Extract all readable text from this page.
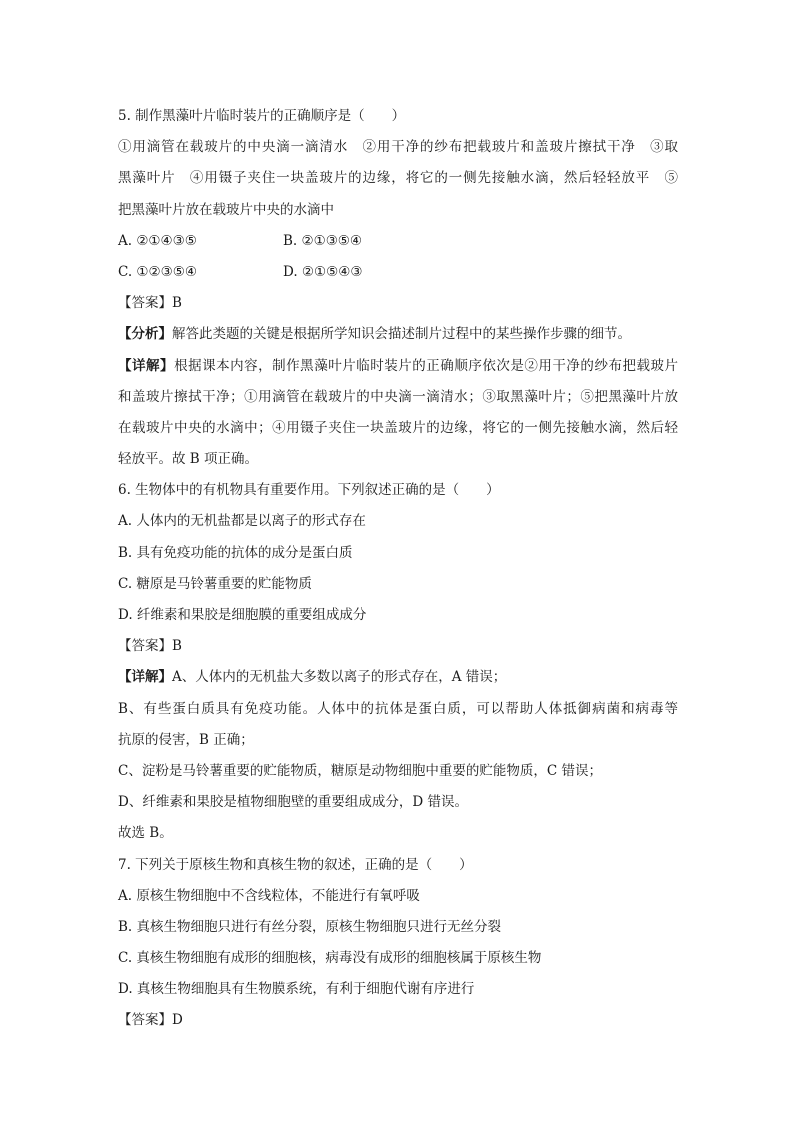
5. 制作黑藻叶片临时装片的正确顺序是（　　）
①用滴管在载玻片的中央滴一滴清水　②用干净的纱布把载玻片和盖玻片擦拭干净　③取
黑藻叶片　④用镊子夹住一块盖玻片的边缘，将它的一侧先接触水滴，然后轻轻放平　⑤
把黑藻叶片放在载玻片中央的水滴中
A. ②①④③⑤	B. ②①③⑤④
C. ①②③⑤④	D. ②①⑤④③
【答案】B
【分析】解答此类题的关键是根据所学知识会描述制片过程中的某些操作步骤的细节。
【详解】根据课本内容，制作黑藻叶片临时装片的正确顺序依次是②用干净的纱布把载玻片
和盖玻片擦拭干净；①用滴管在载玻片的中央滴一滴清水；③取黑藻叶片；⑤把黑藻叶片放
在载玻片中央的水滴中；④用镊子夹住一块盖玻片的边缘，将它的一侧先接触水滴，然后轻
轻放平。故 B 项正确。
6. 生物体中的有机物具有重要作用。下列叙述正确的是（　　）
A. 人体内的无机盐都是以离子的形式存在
B. 具有免疫功能的抗体的成分是蛋白质
C. 糖原是马铃薯重要的贮能物质
D. 纤维素和果胶是细胞膜的重要组成成分
【答案】B
【详解】A、人体内的无机盐大多数以离子的形式存在，A 错误；
B、有些蛋白质具有免疫功能。人体中的抗体是蛋白质，可以帮助人体抵御病菌和病毒等
抗原的侵害，B 正确；
C、淀粉是马铃薯重要的贮能物质，糖原是动物细胞中重要的贮能物质，C 错误；
D、纤维素和果胶是植物细胞壁的重要组成成分，D 错误。
故选 B。
7. 下列关于原核生物和真核生物的叙述，正确的是（　　）
A. 原核生物细胞中不含线粒体，不能进行有氧呼吸
B. 真核生物细胞只进行有丝分裂，原核生物细胞只进行无丝分裂
C. 真核生物细胞有成形的细胞核，病毒没有成形的细胞核属于原核生物
D. 真核生物细胞具有生物膜系统，有利于细胞代谢有序进行
【答案】D
